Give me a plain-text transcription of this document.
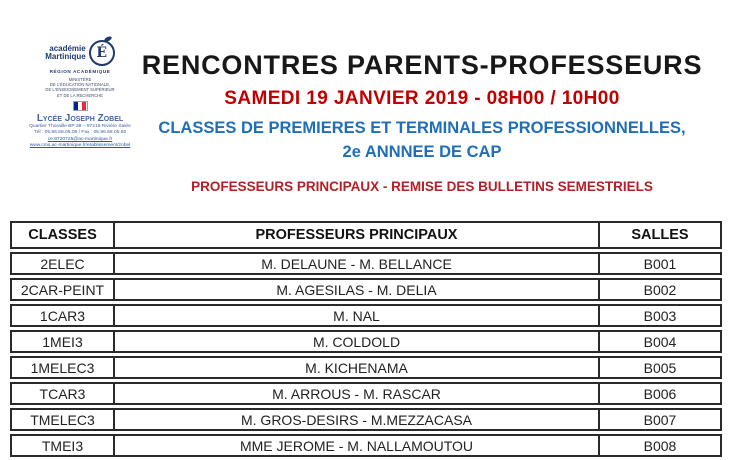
académie
Martinique É
RÉGION ACADÉMIQUE
MINISTÈRE
DE L'ÉDUCATION NATIONALE,
DE L'ENSEIGNEMENT SUPÉRIEUR
ET DE LA RECHERCHE
Lycée Joseph Zobel
Quartier Thoraille BP 38 – 97215 Rivière Salée
Tél : 05.96.68.05.09 / Fax : 05.96.68.05.80
ce.9720725@ac-martinique.fr
www.cms.ac-martinique.fr/etablissement/zobel
RENCONTRES PARENTS-PROFESSEURS
SAMEDI 19 JANVIER 2019 - 08H00 / 10H00
CLASSES DE PREMIERES ET TERMINALES PROFESSIONNELLES,
2e ANNNEE DE CAP
PROFESSEURS PRINCIPAUX - REMISE DES BULLETINS SEMESTRIELS
CLASSES	PROFESSEURS PRINCIPAUX	SALLES
2ELEC	M. DELAUNE - M. BELLANCE	B001
2CAR-PEINT	M. AGESILAS - M. DELIA	B002
1CAR3	M. NAL	B003
1MEI3	M. COLDOLD	B004
1MELEC3	M. KICHENAMA	B005
TCAR3	M. ARROUS - M. RASCAR	B006
TMELEC3	M. GROS-DESIRS - M.MEZZACASA	B007
TMEI3	MME JEROME - M. NALLAMOUTOU	B008
